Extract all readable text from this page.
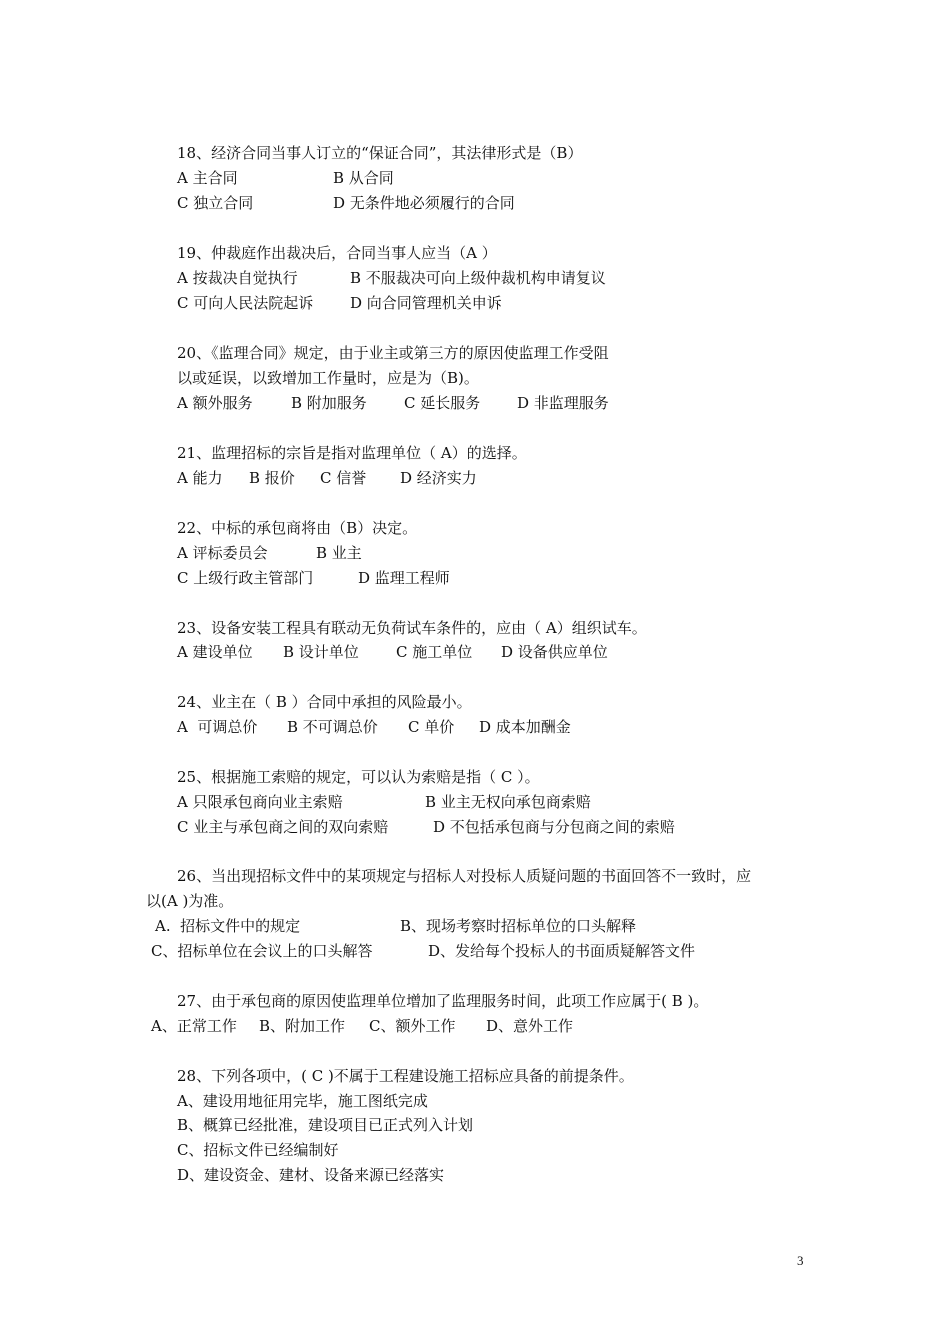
18、经济合同当事人订立的“保证合同”，其法律形式是（B）
A 主合同	B 从合同
C 独立合同	D 无条件地必须履行的合同
19、仲裁庭作出裁决后，合同当事人应当（A ）
A 按裁决自觉执行	B 不服裁决可向上级仲裁机构申请复议
C 可向人民法院起诉 D 向合同管理机关申诉
20、《监理合同》规定，由于业主或第三方的原因使监理工作受阻
以或延误，以致增加工作量时，应是为（B)。
A 额外服务	B 附加服务 C 延长服务 D 非监理服务
21、监理招标的宗旨是指对监理单位（ A）的选择。
A 能力 B 报价 C 信誉 D 经济实力
22、中标的承包商将由（B）决定。
A 评标委员会	B 业主
C 上级行政主管部门	D 监理工程师
23、设备安装工程具有联动无负荷试车条件的，应由（ A）组织试车。
A 建设单位 B 设计单位 C 施工单位 D 设备供应单位
24、业主在（ B ）合同中承担的风险最小。
A  可调总价 B 不可调总价 C 单价 D 成本加酬金
25、根据施工索赔的规定，可以认为索赔是指（ C ）。
A 只限承包商向业主索赔	B 业主无权向承包商索赔
C 业主与承包商之间的双向索赔	D 不包括承包商与分包商之间的索赔
26、当出现招标文件中的某项规定与招标人对投标人质疑问题的书面回答不一致时，应
以(A )为准。
A.  招标文件中的规定	B、现场考察时招标单位的口头解释
C、招标单位在会议上的口头解答	D、发给每个投标人的书面质疑解答文件
27、由于承包商的原因使监理单位增加了监理服务时间，此项工作应属于( B )。
A、正常工作 B、附加工作 C、额外工作 D、意外工作
28、下列各项中，( C )不属于工程建设施工招标应具备的前提条件。
A、建设用地征用完毕，施工图纸完成
B、概算已经批准，建设项目已正式列入计划
C、招标文件已经编制好
D、建设资金、建材、设备来源已经落实
3
